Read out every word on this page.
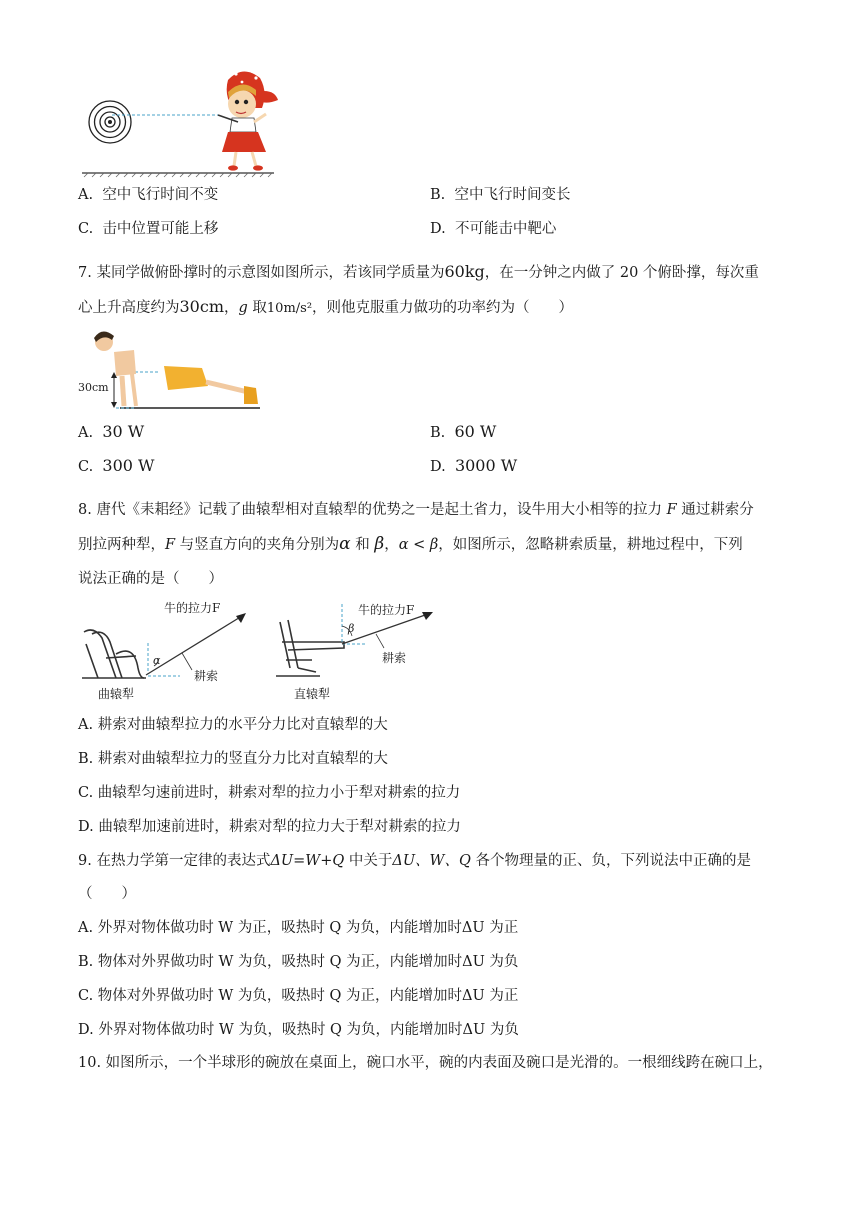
A. 空中飞行时间不变	B. 空中飞行时间变长
C. 击中位置可能上移	D. 不可能击中靶心
7. 某同学做俯卧撑时的示意图如图所示，若该同学质量为60kg，在一分钟之内做了 20 个俯卧撑，每次重
心上升高度约为30cm，g 取10m/s²，则他克服重力做功的功率约为（　　）
30cm
A. 30 W	B. 60 W
C. 300 W	D. 3000 W
8. 唐代《耒耜经》记载了曲辕犁相对直辕犁的优势之一是起土省力，设牛用大小相等的拉力 F 通过耕索分
别拉两种犁，F 与竖直方向的夹角分别为α 和 β，α < β，如图所示，忽略耕索质量，耕地过程中，下列
说法正确的是（　　）
α
牛的拉力F
耕索
曲辕犁
β
牛的拉力F
耕索
直辕犁
A. 耕索对曲辕犁拉力的水平分力比对直辕犁的大
B. 耕索对曲辕犁拉力的竖直分力比对直辕犁的大
C. 曲辕犁匀速前进时，耕索对犁的拉力小于犁对耕索的拉力
D. 曲辕犁加速前进时，耕索对犁的拉力大于犁对耕索的拉力
9. 在热力学第一定律的表达式ΔU=W+Q 中关于ΔU、W、Q 各个物理量的正、负，下列说法中正确的是
（　　）
A. 外界对物体做功时 W 为正，吸热时 Q 为负，内能增加时ΔU 为正
B. 物体对外界做功时 W 为负，吸热时 Q 为正，内能增加时ΔU 为负
C. 物体对外界做功时 W 为负，吸热时 Q 为正，内能增加时ΔU 为正
D. 外界对物体做功时 W 为负，吸热时 Q 为负，内能增加时ΔU 为负
10. 如图所示，一个半球形的碗放在桌面上，碗口水平，碗的内表面及碗口是光滑的。一根细线跨在碗口上，
